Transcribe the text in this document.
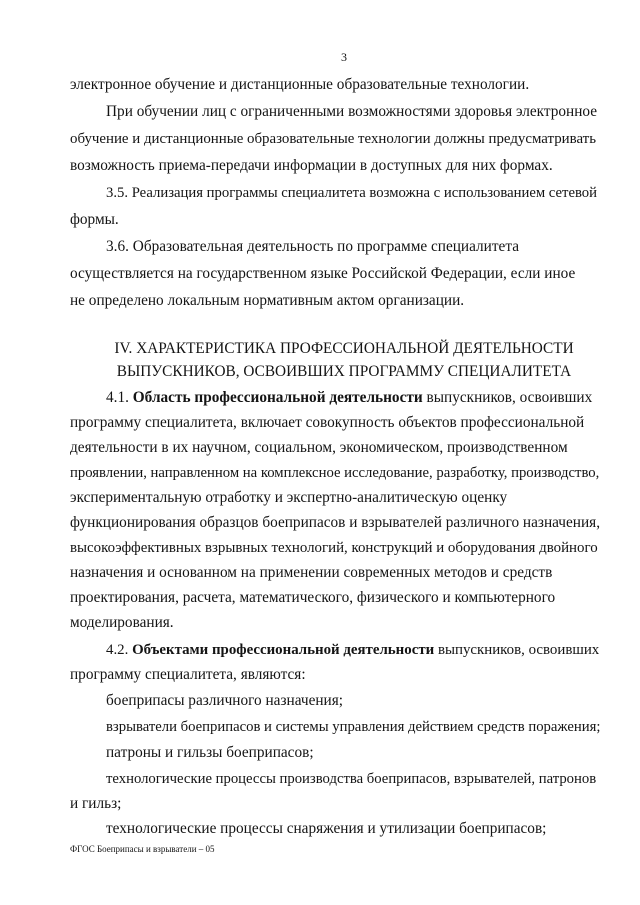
3
электронное обучение и дистанционные образовательные технологии.
При обучении лиц с ограниченными возможностями здоровья электронное
обучение и дистанционные образовательные технологии должны предусматривать
возможность приема-передачи информации в доступных для них формах.
3.5. Реализация программы специалитета возможна с использованием сетевой
формы.
3.6. Образовательная деятельность по программе специалитета
осуществляется на государственном языке Российской Федерации, если иное
не определено локальным нормативным актом организации.
IV. ХАРАКТЕРИСТИКА ПРОФЕССИОНАЛЬНОЙ ДЕЯТЕЛЬНОСТИ
ВЫПУСКНИКОВ, ОСВОИВШИХ ПРОГРАММУ СПЕЦИАЛИТЕТА
4.1. Область профессиональной деятельности выпускников, освоивших
программу специалитета, включает совокупность объектов профессиональной
деятельности в их научном, социальном, экономическом, производственном
проявлении, направленном на комплексное исследование, разработку, производство,
экспериментальную отработку и экспертно-аналитическую оценку
функционирования образцов боеприпасов и взрывателей различного назначения,
высокоэффективных взрывных технологий, конструкций и оборудования двойного
назначения и основанном на применении современных методов и средств
проектирования, расчета, математического, физического и компьютерного
моделирования.
4.2. Объектами профессиональной деятельности выпускников, освоивших
программу специалитета, являются:
боеприпасы различного назначения;
взрыватели боеприпасов и системы управления действием средств поражения;
патроны и гильзы боеприпасов;
технологические процессы производства боеприпасов, взрывателей, патронов
и гильз;
технологические процессы снаряжения и утилизации боеприпасов;
ФГОС Боеприпасы и взрыватели – 05
